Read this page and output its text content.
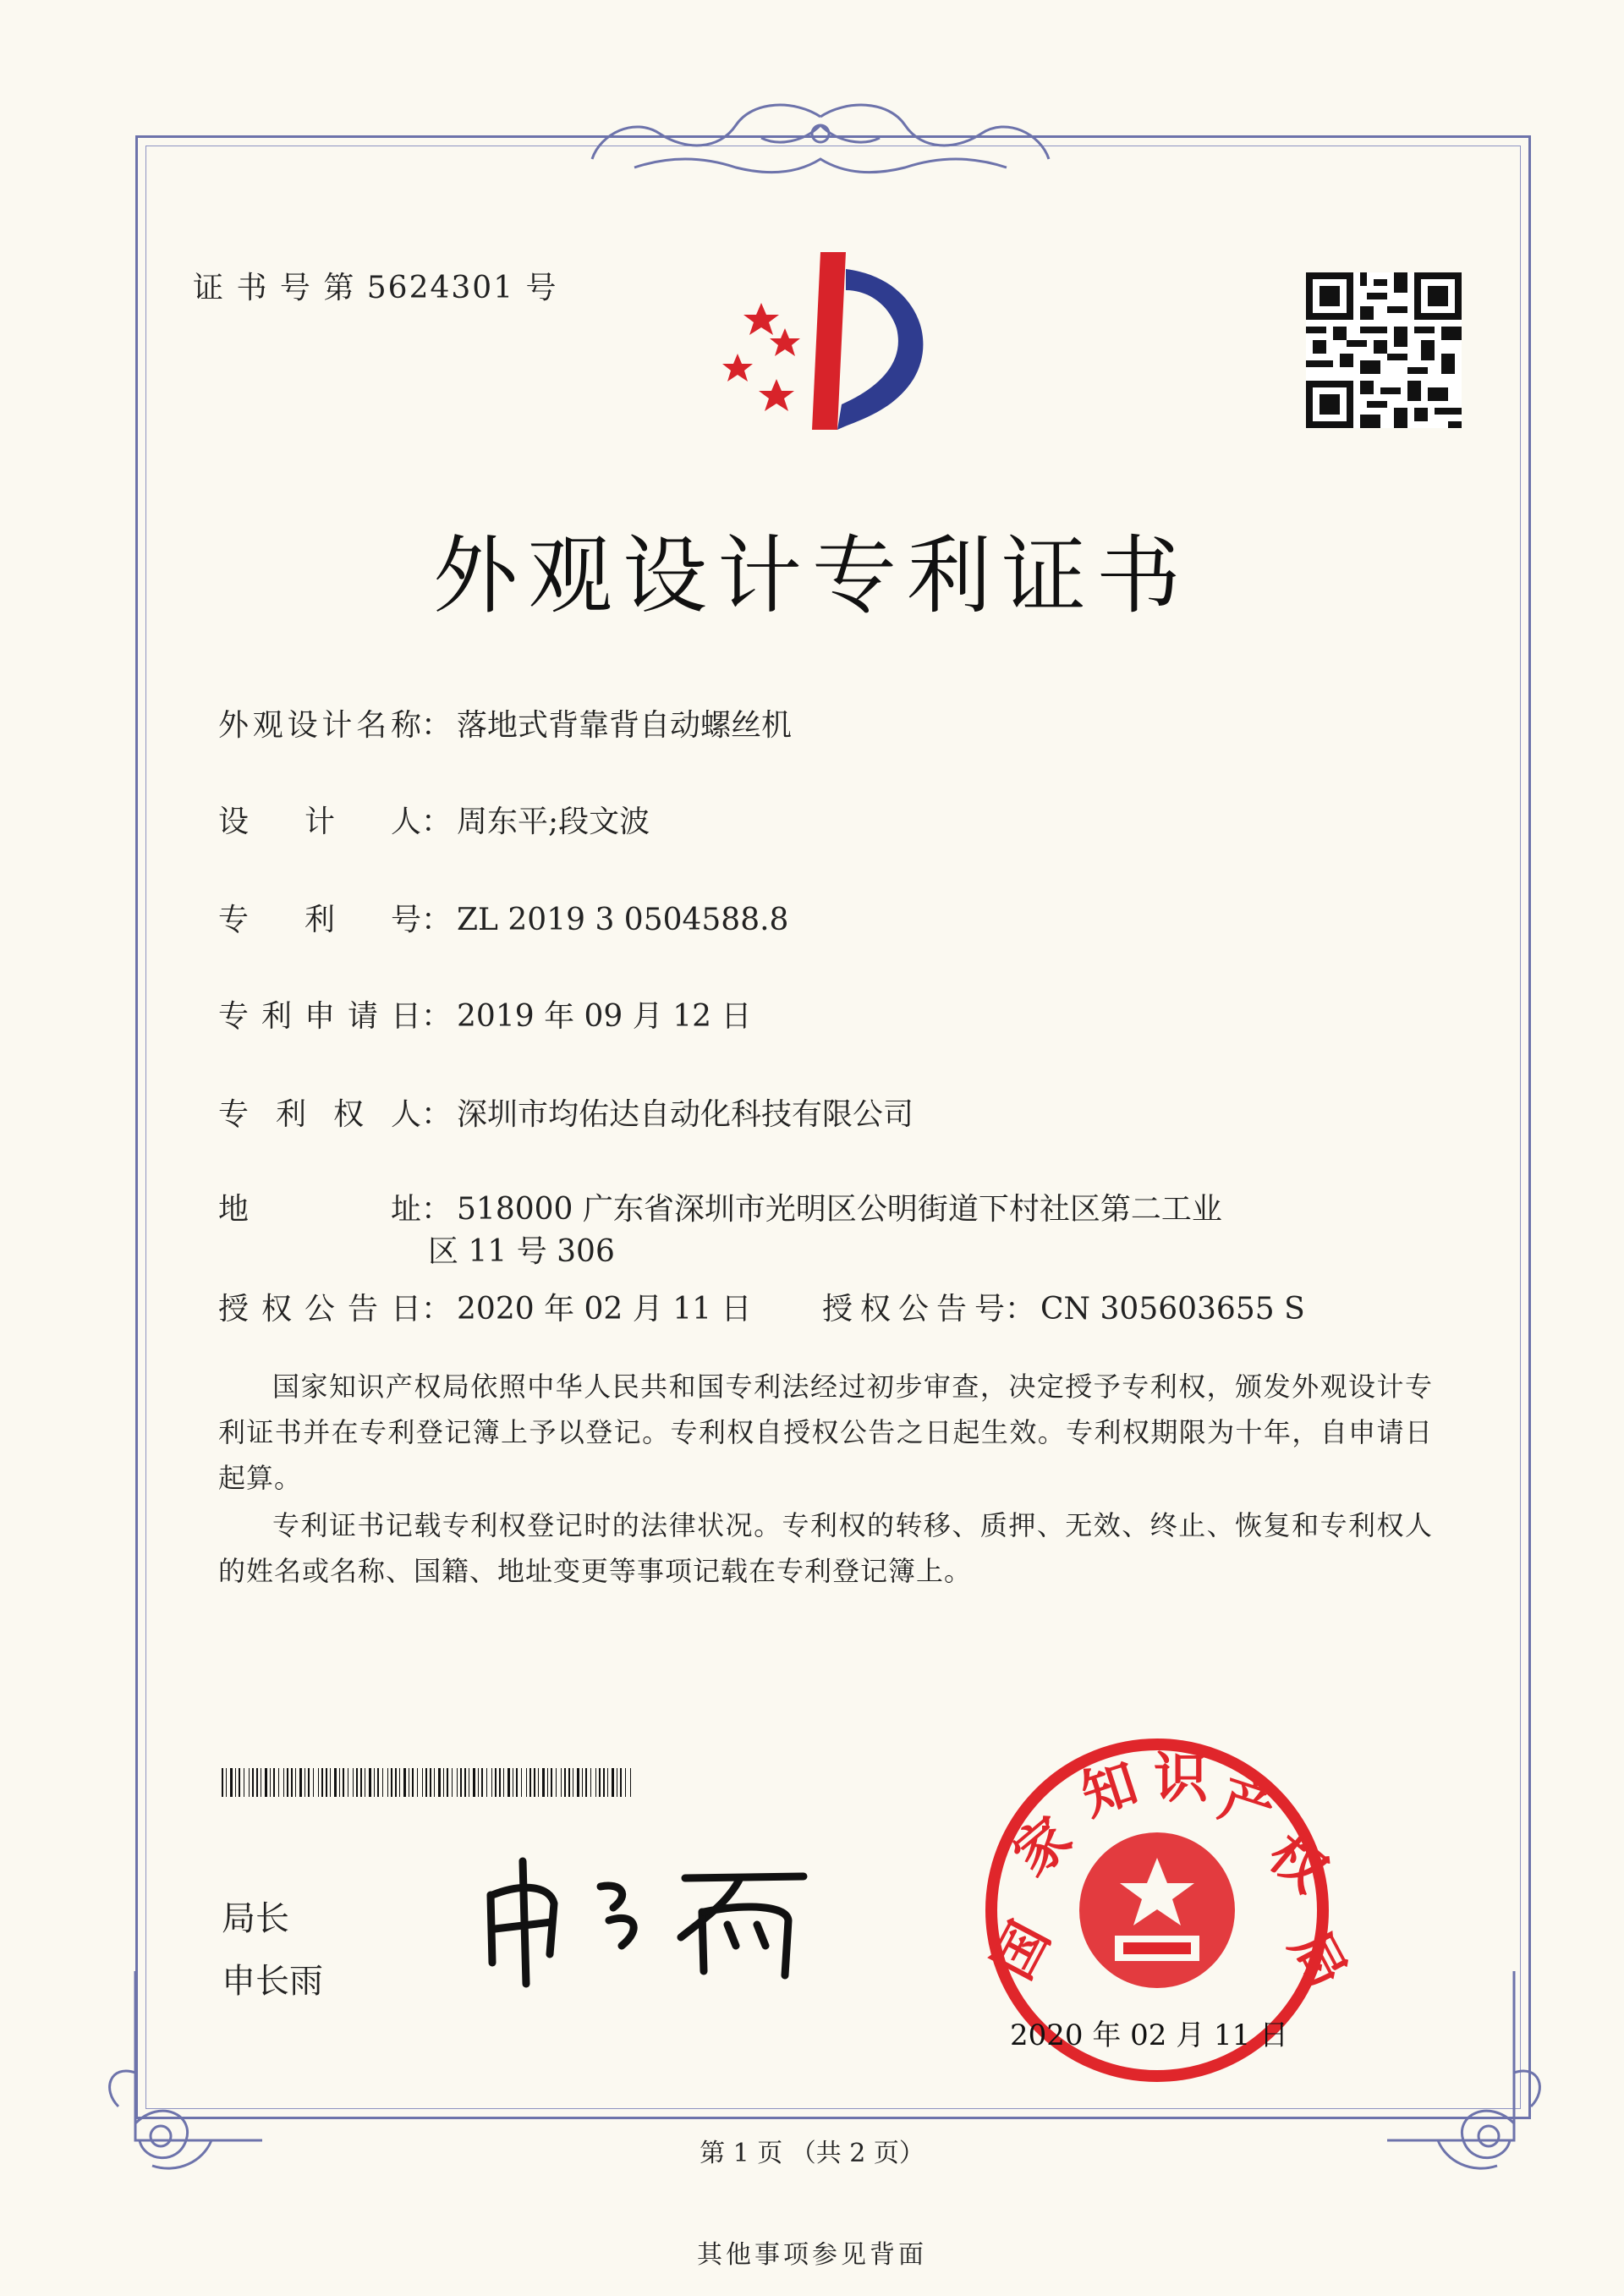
证 书 号 第 5624301 号
外观设计专利证书
外 观 设 计 名 称 ： 落地式背靠背自动螺丝机
设 计 人 ： 周东平;段文波
专 利 号 ： ZL 2019 3 0504588.8
专 利 申 请 日 ： 2019 年 09 月 12 日
专 利 权 人 ： 深圳市均佑达自动化科技有限公司
地	址 ： 518000 广东省深圳市光明区公明街道下村社区第二工业
区 11 号 306
授 权 公 告 日 ： 2020 年 02 月 11 日 授 权 公 告 号 ： CN 305603655 S
国家知识产权局依照中华人民共和国专利法经过初步审查，决定授予专利权，颁发外观设计专利证书并在专利登记簿上予以登记。专利权自授权公告之日起生效。专利权期限为十年，自申请日起算。
专利证书记载专利权登记时的法律状况。专利权的转移、质押、无效、终止、恢复和专利权人的姓名或名称、国籍、地址变更等事项记载在专利登记簿上。
局长
申长雨	国
家
知 识 产
权
局
2020 年 02 月 11 日
第 1 页 （共 2 页）
其他事项参见背面
